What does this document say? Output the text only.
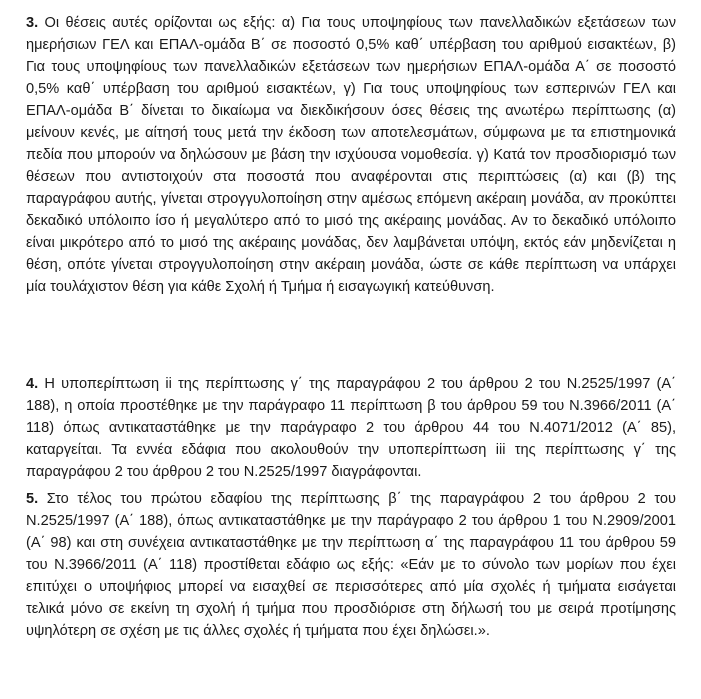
3. Οι θέσεις αυτές ορίζονται ως εξής: α) Για τους υποψηφίους των πανελλαδικών εξετάσεων των ημερήσιων ΓΕΛ και ΕΠΑΛ-ομάδα Β΄ σε ποσοστό 0,5% καθ΄ υπέρβαση του αριθμού εισακτέων, β) Για τους υποψηφίους των πανελλαδικών εξετάσεων των ημερήσιων ΕΠΑΛ-ομάδα Α΄ σε ποσοστό 0,5% καθ΄ υπέρβαση του αριθμού εισακτέων, γ) Για τους υποψηφίους των εσπερινών ΓΕΛ και ΕΠΑΛ-ομάδα Β΄ δίνεται το δικαίωμα να διεκδικήσουν όσες θέσεις της ανωτέρω περίπτωσης (α) μείνουν κενές, με αίτησή τους μετά την έκδοση των αποτελεσμάτων, σύμφωνα με τα επιστημονικά πεδία που μπορούν να δηλώσουν με βάση την ισχύουσα νομοθεσία. γ) Κατά τον προσδιορισμό των θέσεων που αντιστοιχούν στα ποσοστά που αναφέρονται στις περιπτώσεις (α) και (β) της παραγράφου αυτής, γίνεται στρογγυλοποίηση στην αμέσως επόμενη ακέραιη μονάδα, αν προκύπτει δεκαδικό υπόλοιπο ίσο ή μεγαλύτερο από το μισό της ακέραιης μονάδας. Αν το δεκαδικό υπόλοιπο είναι μικρότερο από το μισό της ακέραιης μονάδας, δεν λαμβάνεται υπόψη, εκτός εάν μηδενίζεται η θέση, οπότε γίνεται στρογγυλοποίηση στην ακέραιη μονάδα, ώστε σε κάθε περίπτωση να υπάρχει μία τουλάχιστον θέση για κάθε Σχολή ή Τμήμα ή εισαγωγική κατεύθυνση.

4. Η υποπερίπτωση ii της περίπτωσης γ΄ της παραγράφου 2 του άρθρου 2 του Ν.2525/1997 (Α΄ 188), η οποία προστέθηκε με την παράγραφο 11 περίπτωση β του άρθρου 59 του Ν.3966/2011 (Α΄ 118) όπως αντικαταστάθηκε με την παράγραφο 2 του άρθρου 44 του Ν.4071/2012 (Α΄ 85), καταργείται. Τα εννέα εδάφια που ακολουθούν την υποπερίπτωση iii της περίπτωσης γ΄ της παραγράφου 2 του άρθρου 2 του Ν.2525/1997 διαγράφονται.

5. Στο τέλος του πρώτου εδαφίου της περίπτωσης β΄ της παραγράφου 2 του άρθρου 2 του Ν.2525/1997 (Α΄ 188), όπως αντικαταστάθηκε με την παράγραφο 2 του άρθρου 1 του Ν.2909/2001 (Α΄ 98) και στη συνέχεια αντικαταστάθηκε με την περίπτωση α΄ της παραγράφου 11 του άρθρου 59 του Ν.3966/2011 (Α΄ 118) προστίθεται εδάφιο ως εξής: «Εάν με το σύνολο των μορίων που έχει επιτύχει ο υποψήφιος μπορεί να εισαχθεί σε περισσότερες από μία σχολές ή τμήματα εισάγεται τελικά μόνο σε εκείνη τη σχολή ή τμήμα που προσδιόρισε στη δήλωσή του με σειρά προτίμησης υψηλότερη σε σχέση με τις άλλες σχολές ή τμήματα που έχει δηλώσει.».
